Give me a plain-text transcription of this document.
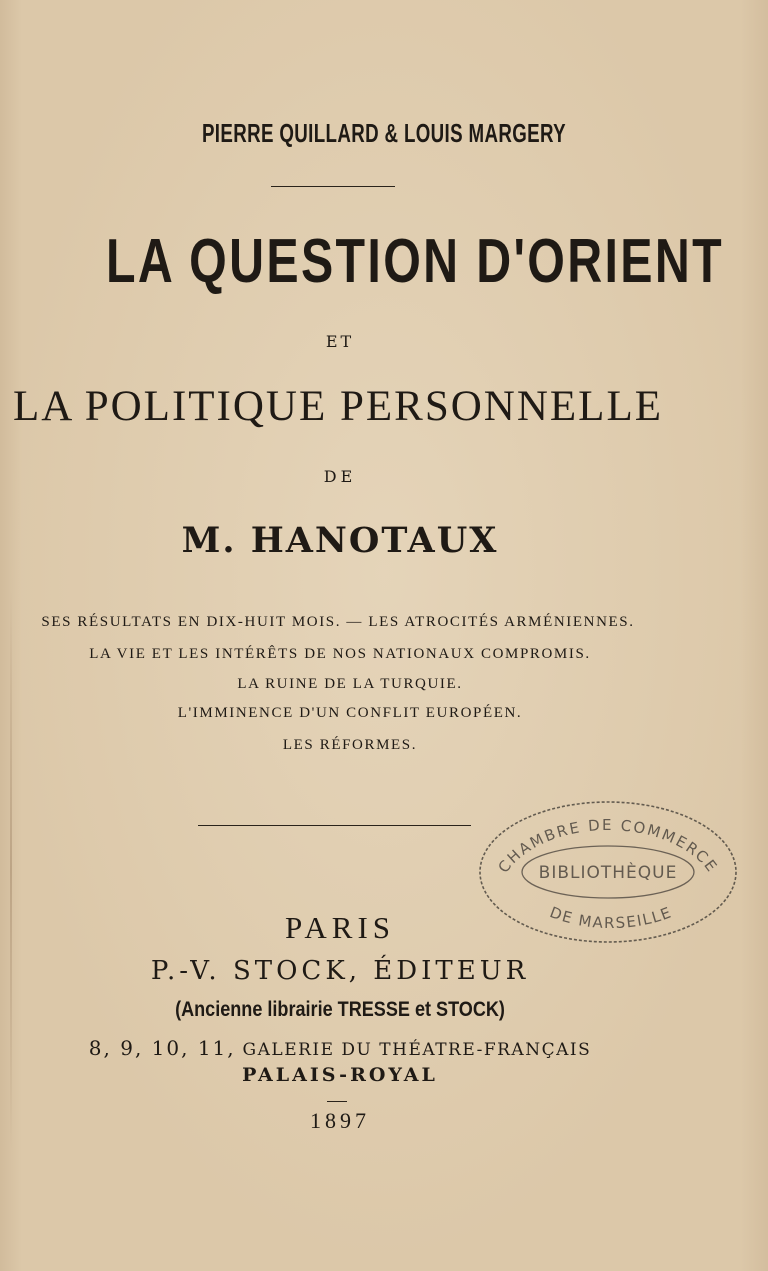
PIERRE QUILLARD & LOUIS MARGERY
LA QUESTION D'ORIENT
ET
LA POLITIQUE PERSONNELLE
DE
M. HANOTAUX
SES RÉSULTATS EN DIX-HUIT MOIS. — LES ATROCITÉS ARMÉNIENNES.
LA VIE ET LES INTÉRÊTS DE NOS NATIONAUX COMPROMIS.
LA RUINE DE LA TURQUIE.
L'IMMINENCE D'UN CONFLIT EUROPÉEN.
LES RÉFORMES.
CHAMBRE DE COMMERCE
BIBLIOTHÈQUE
DE MARSEILLE
PARIS
P.-V. STOCK, ÉDITEUR
(Ancienne librairie TRESSE et STOCK)
8, 9, 10, 11, GALERIE DU THÉATRE-FRANÇAIS
PALAIS-ROYAL
1897
